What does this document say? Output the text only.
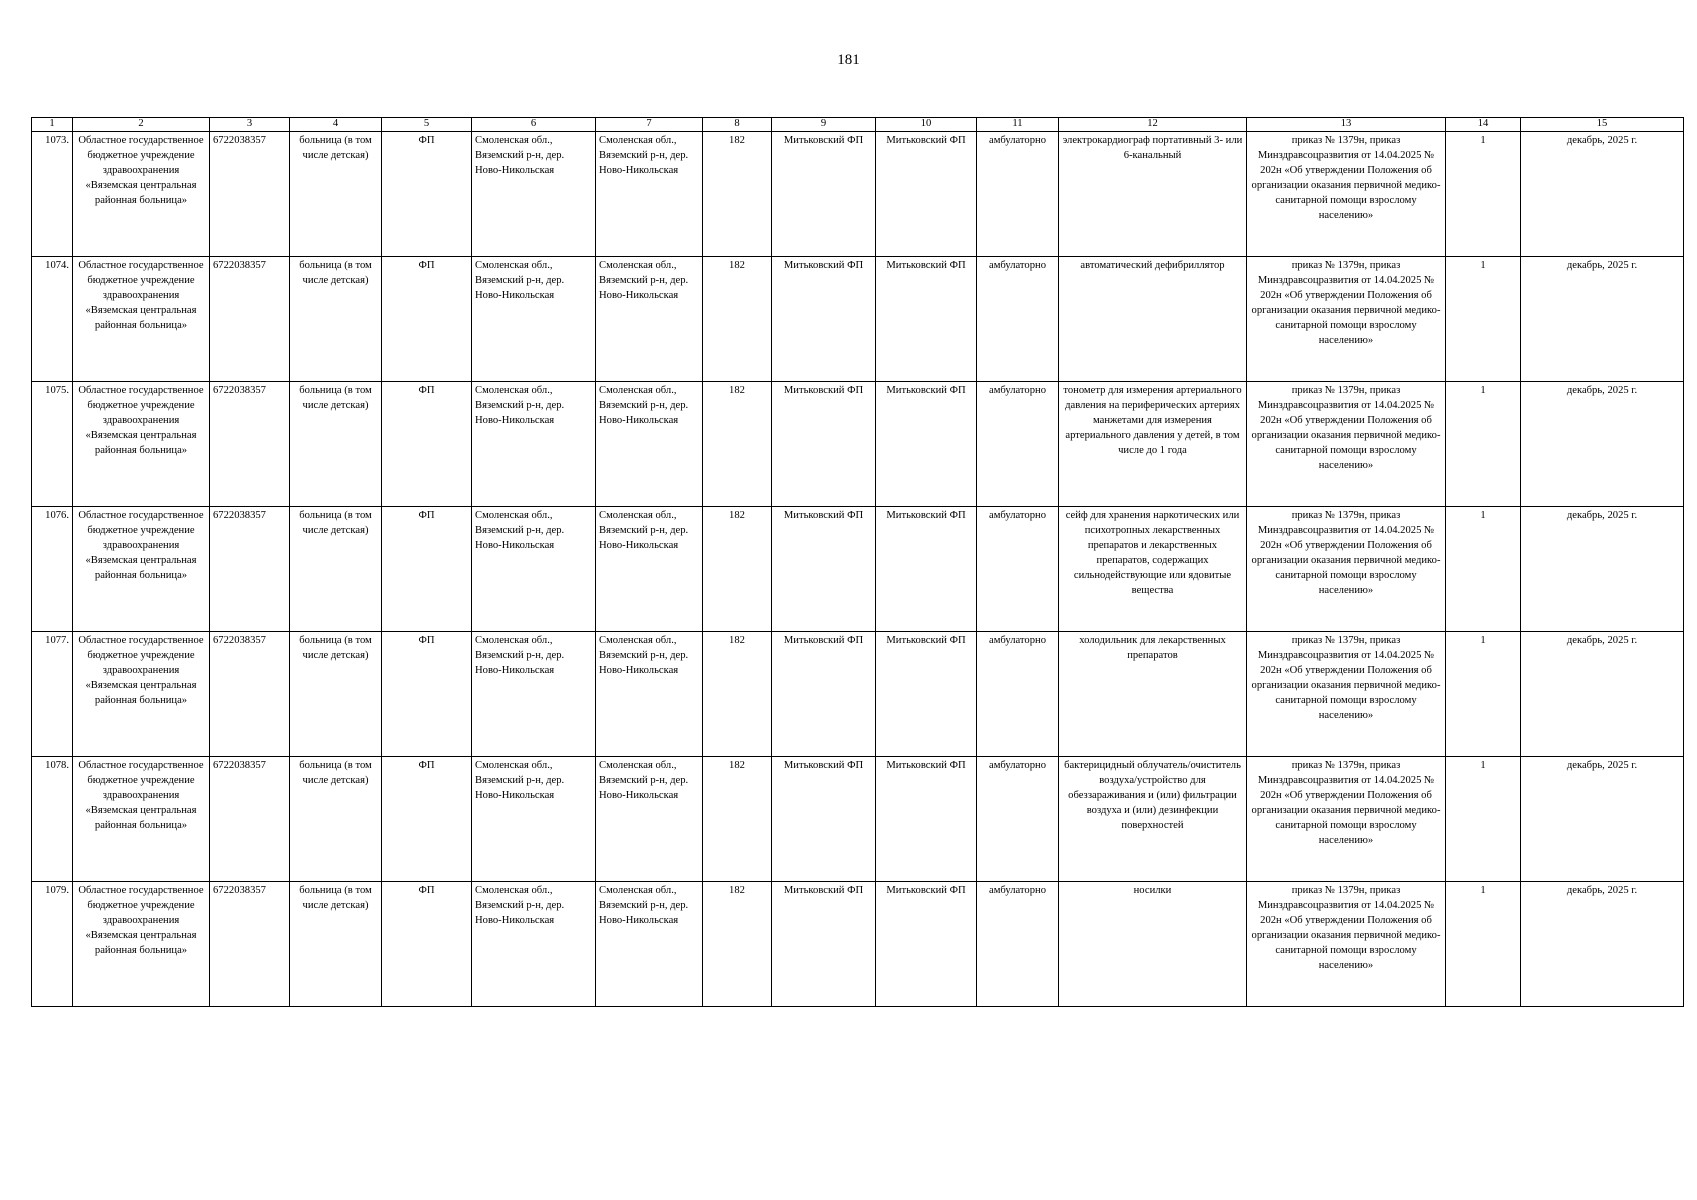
181
1	2	3	4	5	6	7	8	9	10	11	12	13	14	15
1073.	Областное государственное бюджетное учреждение здравоохранения «Вяземская центральная районная больница»	6722038357	больница (в том числе детская)	ФП	Смоленская обл., Вяземский р-н, дер. Ново-Никольская	Смоленская обл., Вяземский р-н, дер. Ново-Никольская	182	Митьковский ФП	Митьковский ФП	амбулаторно	электрокардиограф портативный 3- или 6-канальный	приказ № 1379н, приказ Минздравсоцразвития от 14.04.2025 № 202н «Об утверждении Положения об организации оказания первичной медико-санитарной помощи взрослому населению»	1	декабрь, 2025 г.
1074.	Областное государственное бюджетное учреждение здравоохранения «Вяземская центральная районная больница»	6722038357	больница (в том числе детская)	ФП	Смоленская обл., Вяземский р-н, дер. Ново-Никольская	Смоленская обл., Вяземский р-н, дер. Ново-Никольская	182	Митьковский ФП	Митьковский ФП	амбулаторно	автоматический дефибриллятор	приказ № 1379н, приказ Минздравсоцразвития от 14.04.2025 № 202н «Об утверждении Положения об организации оказания первичной медико-санитарной помощи взрослому населению»	1	декабрь, 2025 г.
1075.	Областное государственное бюджетное учреждение здравоохранения «Вяземская центральная районная больница»	6722038357	больница (в том числе детская)	ФП	Смоленская обл., Вяземский р-н, дер. Ново-Никольская	Смоленская обл., Вяземский р-н, дер. Ново-Никольская	182	Митьковский ФП	Митьковский ФП	амбулаторно	тонометр для измерения артериального давления на периферических артериях манжетами для измерения артериального давления у детей, в том числе до 1 года	приказ № 1379н, приказ Минздравсоцразвития от 14.04.2025 № 202н «Об утверждении Положения об организации оказания первичной медико-санитарной помощи взрослому населению»	1	декабрь, 2025 г.
1076.	Областное государственное бюджетное учреждение здравоохранения «Вяземская центральная районная больница»	6722038357	больница (в том числе детская)	ФП	Смоленская обл., Вяземский р-н, дер. Ново-Никольская	Смоленская обл., Вяземский р-н, дер. Ново-Никольская	182	Митьковский ФП	Митьковский ФП	амбулаторно	сейф для хранения наркотических или психотропных лекарственных препаратов и лекарственных препаратов, содержащих сильнодействующие или ядовитые вещества	приказ № 1379н, приказ Минздравсоцразвития от 14.04.2025 № 202н «Об утверждении Положения об организации оказания первичной медико-санитарной помощи взрослому населению»	1	декабрь, 2025 г.
1077.	Областное государственное бюджетное учреждение здравоохранения «Вяземская центральная районная больница»	6722038357	больница (в том числе детская)	ФП	Смоленская обл., Вяземский р-н, дер. Ново-Никольская	Смоленская обл., Вяземский р-н, дер. Ново-Никольская	182	Митьковский ФП	Митьковский ФП	амбулаторно	холодильник для лекарственных препаратов	приказ № 1379н, приказ Минздравсоцразвития от 14.04.2025 № 202н «Об утверждении Положения об организации оказания первичной медико-санитарной помощи взрослому населению»	1	декабрь, 2025 г.
1078.	Областное государственное бюджетное учреждение здравоохранения «Вяземская центральная районная больница»	6722038357	больница (в том числе детская)	ФП	Смоленская обл., Вяземский р-н, дер. Ново-Никольская	Смоленская обл., Вяземский р-н, дер. Ново-Никольская	182	Митьковский ФП	Митьковский ФП	амбулаторно	бактерицидный облучатель/очиститель воздуха/устройство для обеззараживания и (или) фильтрации воздуха и (или) дезинфекции поверхностей	приказ № 1379н, приказ Минздравсоцразвития от 14.04.2025 № 202н «Об утверждении Положения об организации оказания первичной медико-санитарной помощи взрослому населению»	1	декабрь, 2025 г.
1079.	Областное государственное бюджетное учреждение здравоохранения «Вяземская центральная районная больница»	6722038357	больница (в том числе детская)	ФП	Смоленская обл., Вяземский р-н, дер. Ново-Никольская	Смоленская обл., Вяземский р-н, дер. Ново-Никольская	182	Митьковский ФП	Митьковский ФП	амбулаторно	носилки	приказ № 1379н, приказ Минздравсоцразвития от 14.04.2025 № 202н «Об утверждении Положения об организации оказания первичной медико-санитарной помощи взрослому населению»	1	декабрь, 2025 г.
